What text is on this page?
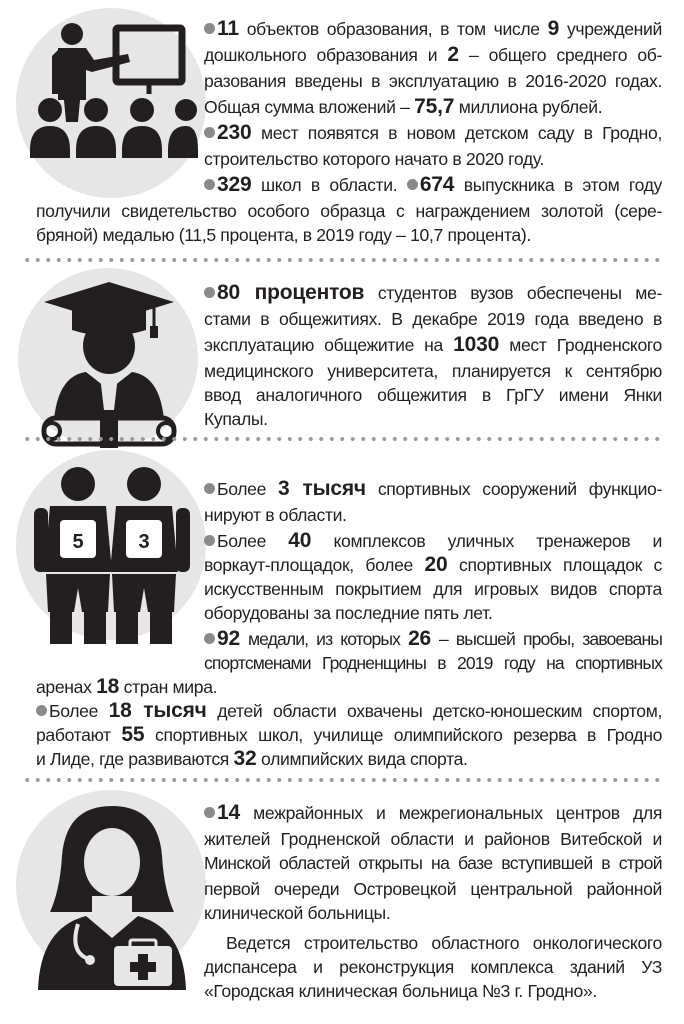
11 объектов образования, в том числе 9 учреждений
дошкольного образования и 2 – общего среднего об-
разования введены в эксплуатацию в 2016-2020 годах.
Общая сумма вложений – 75,7 миллиона рублей.
230 мест появятся в новом детском саду в Гродно,
строительство которого начато в 2020 году.
329 школ в области. 674 выпускника в этом году
получили свидетельство особого образца с награждением золотой (сере-
бряной) медалью (11,5 процента, в 2019 году – 10,7 процента).
80 процентов студентов вузов обеспечены ме-
стами в общежитиях. В декабре 2019 года введено в
эксплуатацию общежитие на 1030 мест Гродненского
медицинского университета, планируется к сентябрю
ввод аналогичного общежития в ГрГУ имени Янки
Купалы.
5	3
Более 3 тысяч спортивных сооружений функцио-
нируют в области.
Более 40 комплексов уличных тренажеров и
воркаут-площадок, более 20 спортивных площадок с
искусственным покрытием для игровых видов спорта
оборудованы за последние пять лет.
92 медали, из которых 26 – высшей пробы, завоеваны
спортсменами Гродненщины в 2019 году на спортивных
аренах 18 стран мира.
Более 18 тысяч детей области охвачены детско-юношеским спортом,
работают 55 спортивных школ, училище олимпийского резерва в Гродно
и Лиде, где развиваются 32 олимпийских вида спорта.
14 межрайонных и межрегиональных центров для
жителей Гродненской области и районов Витебской и
Минской областей открыты на базе вступившей в строй
первой очереди Островецкой центральной районной
клинической больницы.
Ведется строительство областного онкологического
диспансера и реконструкция комплекса зданий УЗ
«Городская клиническая больница №3 г. Гродно».
